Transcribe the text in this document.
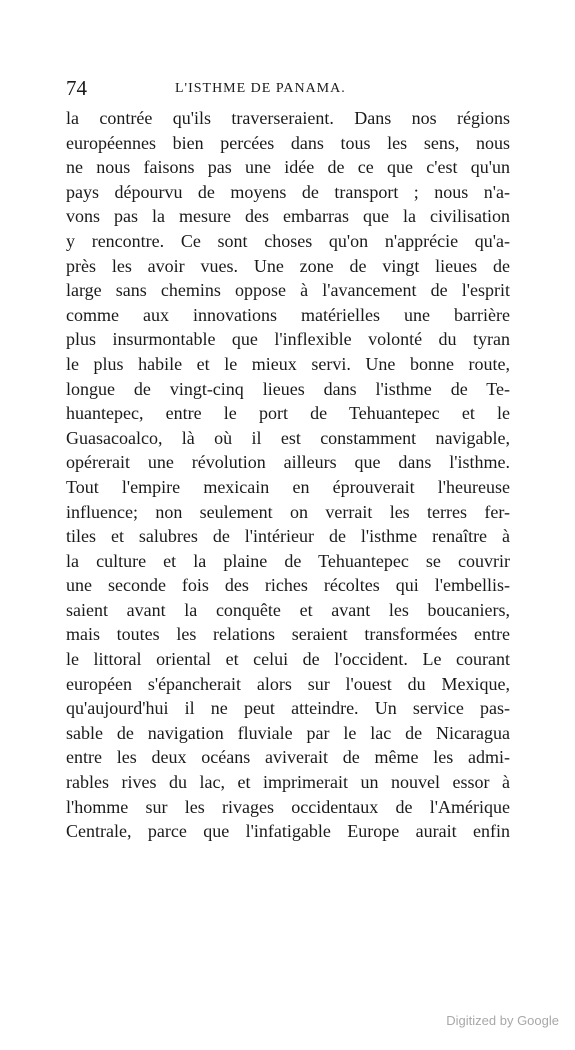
74	L'ISTHME DE PANAMA.
la contrée qu'ils traverseraient. Dans nos régions
européennes bien percées dans tous les sens, nous
ne nous faisons pas une idée de ce que c'est qu'un
pays dépourvu de moyens de transport ; nous n'a-
vons pas la mesure des embarras que la civilisation
y rencontre. Ce sont choses qu'on n'apprécie qu'a-
près les avoir vues. Une zone de vingt lieues de
large sans chemins oppose à l'avancement de l'esprit
comme aux innovations matérielles une barrière
plus insurmontable que l'inflexible volonté du tyran
le plus habile et le mieux servi. Une bonne route,
longue de vingt-cinq lieues dans l'isthme de Te-
huantepec, entre le port de Tehuantepec et le
Guasacoalco, là où il est constamment navigable,
opérerait une révolution ailleurs que dans l'isthme.
Tout l'empire mexicain en éprouverait l'heureuse
influence; non seulement on verrait les terres fer-
tiles et salubres de l'intérieur de l'isthme renaître à
la culture et la plaine de Tehuantepec se couvrir
une seconde fois des riches récoltes qui l'embellis-
saient avant la conquête et avant les boucaniers,
mais toutes les relations seraient transformées entre
le littoral oriental et celui de l'occident. Le courant
européen s'épancherait alors sur l'ouest du Mexique,
qu'aujourd'hui il ne peut atteindre. Un service pas-
sable de navigation fluviale par le lac de Nicaragua
entre les deux océans aviverait de même les admi-
rables rives du lac, et imprimerait un nouvel essor à
l'homme sur les rivages occidentaux de l'Amérique
Centrale, parce que l'infatigable Europe aurait enfin
Digitized by Google
